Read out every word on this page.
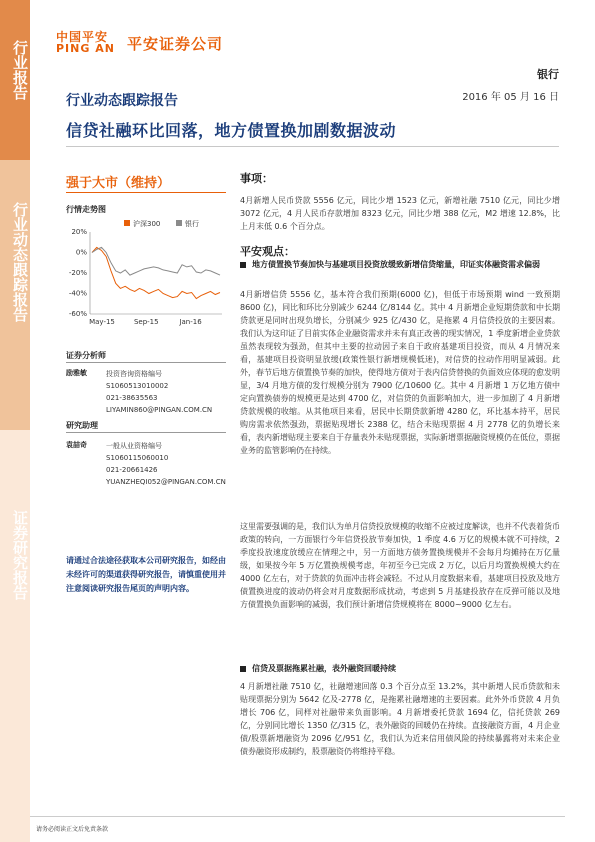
行业报告
行业动态跟踪报告
证券研究报告
中国平安
PING AN 平安证券公司
银行
行业动态跟踪报告	2016 年 05 月 16 日
信贷社融环比回落，地方债置换加剧数据波动
强于大市（维持）
行情走势图
20%
0%
-20%
-40%
-60%
May-15	Sep-15	Jan-16
沪深300	银行
证券分析师
励雅敏	投资咨询资格编号
S1060513010002
021-38635563
LIYAMIN860@PINGAN.COM.CN
研究助理
袁喆奇	一般从业资格编号
S1060115060010
021-20661426
YUANZHEQI052@PINGAN.COM.CN
请通过合法途径获取本公司研究报告，如经由未经许可的渠道获得研究报告，请慎重使用并注意阅读研究报告尾页的声明内容。
事项：
4月新增人民币贷款 5556 亿元，同比少增 1523 亿元，新增社融 7510 亿元，同比少增 3072 亿元，4 月人民币存款增加 8323 亿元，同比少增 388 亿元，M2 增速 12.8%，比上月末低 0.6 个百分点。
平安观点：
地方债置换节奏加快与基建项目投资放缓致新增信贷缩量，印证实体融资需求偏弱
4月新增信贷 5556 亿，基本符合我们预期(6000 亿)，但低于市场预期 wind 一致预期 8600 亿)，同比和环比分别减少 6244 亿/8144 亿。其中 4 月新增企业短期贷款和中长期贷款更是同时出现负增长，分别减少 925 亿/430 亿，是拖累 4 月信贷投放的主要因素。我们认为这印证了目前实体企业融资需求并未有真正改善的现实情况，1 季度新增企业贷款虽然表现较为强劲，但其中主要的拉动因子来自于政府基建项目投资，而从 4 月情况来看，基建项目投资明显放缓(政策性银行新增规模低迷)，对信贷的拉动作用明显减弱。此外，春节后地方债置换节奏的加快，使得地方债对于表内信贷替换的负面效应体现的愈发明显，3/4 月地方债的发行规模分别为 7900 亿/10600 亿。其中 4 月新增 1 万亿地方债中定向置换债券的规模更是达到 4700 亿，对信贷的负面影响加大，进一步加剧了 4 月新增贷款规模的收缩。从其他项目来看，居民中长期贷款新增 4280 亿，环比基本持平，居民购房需求依然强劲，票据贴现增长 2388 亿，结合未贴现票据 4 月 2778 亿的负增长来看，表内新增贴现主要来自于存量表外未贴现票据，实际新增票据融资规模仍在低位，票据业务的监管影响仍在持续。
这里需要强调的是，我们认为单月信贷投放规模的收缩不应被过度解读，也并不代表着货币政策的转向，一方面银行今年信贷投放节奏加快，1 季度 4.6 万亿的规模本就不可持续，2 季度投放速度放缓应在情理之中，另一方面地方债务置换规模并不会每月均摊持在万亿量级，如果按今年 5 万亿置换规模考虑，年初至今已完成 2 万亿，以后月均置换规模大约在 4000 亿左右，对于贷款的负面冲击将会减轻。不过从月度数据来看，基建项目投放及地方债置换进度的波动仍将会对月度数据形成扰动，考虑到 5 月基建投放存在反弹可能以及地方债置换负面影响的减弱，我们预计新增信贷规模将在 8000~9000 亿左右。
信贷及票据拖累社融，表外融资回暖持续
4 月新增社融 7510 亿，社融增速回落 0.3 个百分点至 13.2%，其中新增人民币贷款和未贴现票据分别为 5642 亿及-2778 亿，是拖累社融增速的主要因素。此外外币贷款 4 月负增长 706 亿，同样对社融带来负面影响。4 月新增委托贷款 1694 亿，信托贷款 269 亿，分别同比增长 1350 亿/315 亿，表外融资的回暖仍在持续。直接融资方面，4 月企业债/股票新增融资为 2096 亿/951 亿，我们认为近来信用债风险的持续暴露将对未来企业债券融资形成制约，股票融资仍将维持平稳。
请务必阅读正文后免责条款
